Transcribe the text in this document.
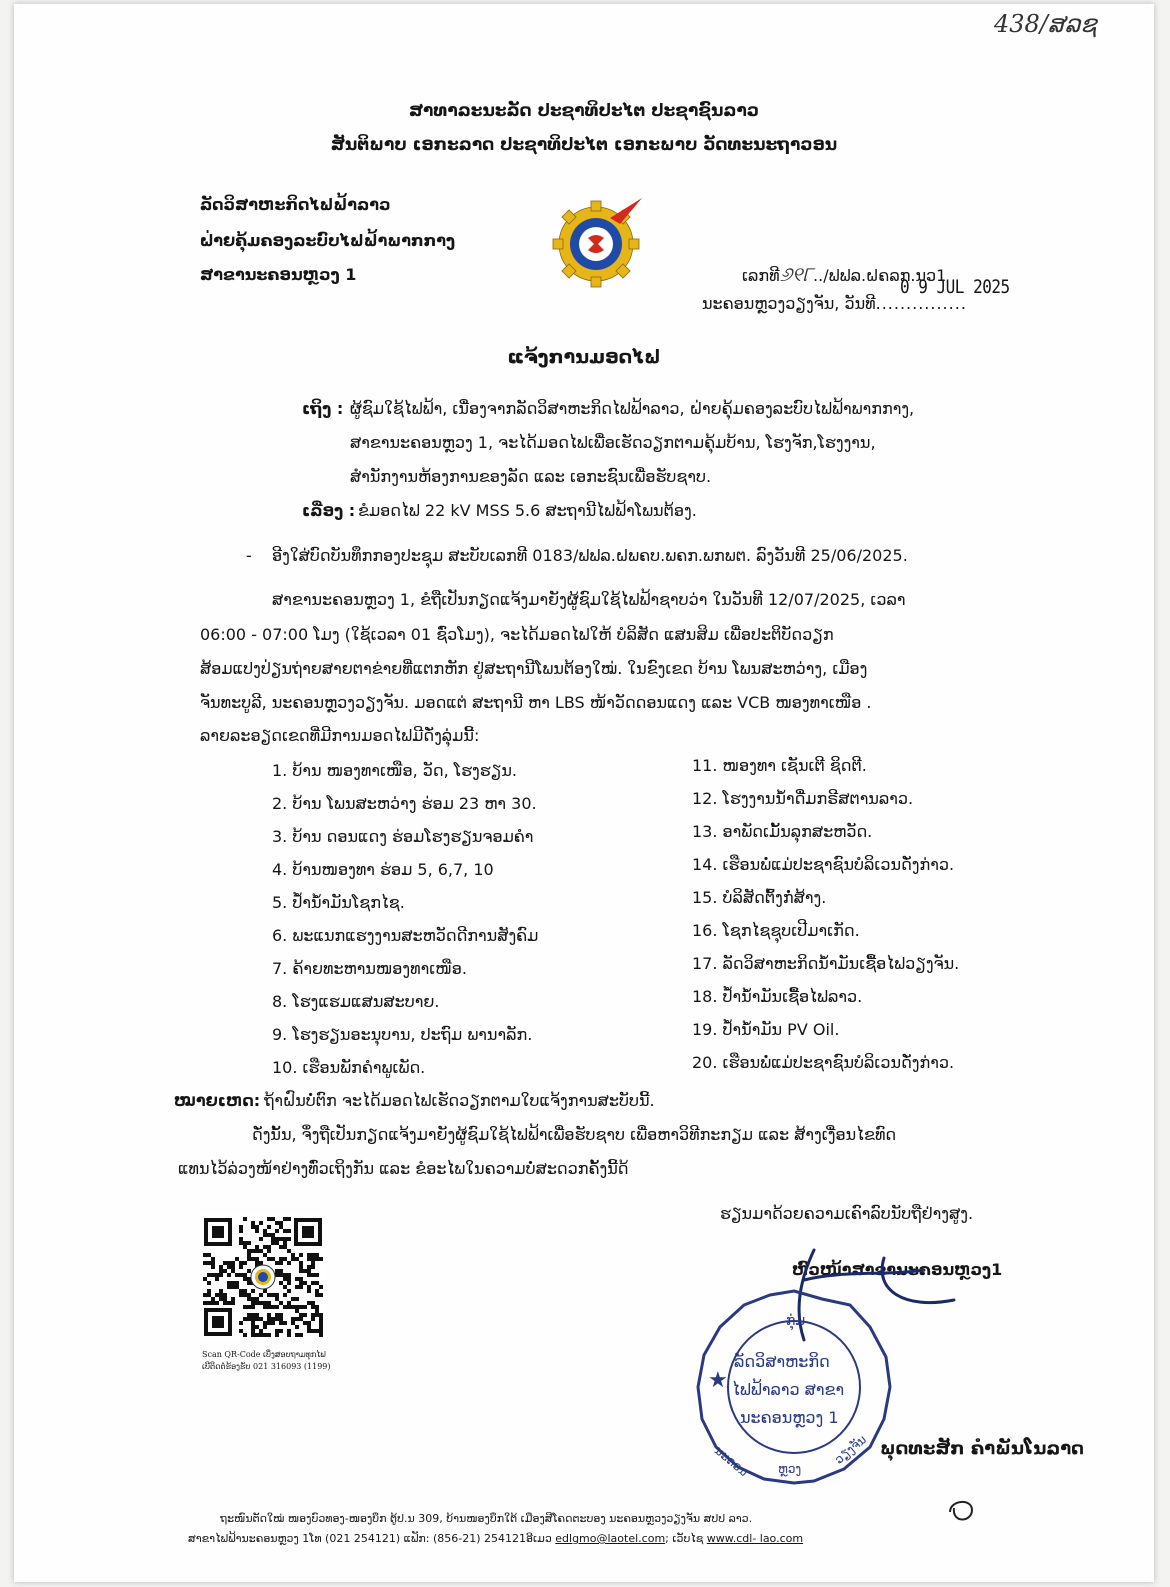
438/ສລຊ
ສາທາລະນະລັດ ປະຊາທິປະໄຕ ປະຊາຊົນລາວ
ສັນຕິພາບ ເອກະລາດ ປະຊາທິປະໄຕ ເອກະພາບ ວັດທະນະຖາວອນ
ລັດວິສາຫະກິດໄຟຟ້າລາວ
ຝ່າຍຄຸ້ມຄອງລະບົບໄຟຟ້າພາກກາງ
ສາຂານະຄອນຫຼວງ 1	ເລກທີ୬୧୮../ຟຟລ.ຝຄລກ.ນວ1
0 9 JUL 2025
ນະຄອນຫຼວງວຽງຈັນ, ວັນທີ...............
ແຈ້ງການມອດໄຟ
ເຖິງ : ຜູ້ຊົມໃຊ້ໄຟຟ້າ, ເນື່ອງຈາກລັດວິສາຫະກິດໄຟຟ້າລາວ, ຝ່າຍຄຸ້ມຄອງລະບົບໄຟຟ້າພາກກາງ,
ສາຂານະຄອນຫຼວງ 1, ຈະໄດ້ມອດໄຟເພື່ອເຮັດວຽກຕາມຄຸ້ມບ້ານ, ໂຮງຈັກ,ໂຮງງານ,
ສໍານັກງານຫ້ອງການຂອງລັດ ແລະ ເອກະຊົນເພື່ອຮັບຊາບ.
ເລື່ອງ : ຂໍມອດໄຟ 22 kV MSS 5.6 ສະຖານີໄຟຟ້າໂພນຕ້ອງ.
- ອີງໃສ່ບົດບັນທຶກກອງປະຊຸມ ສະບັບເລກທີ 0183/ຟຟລ.ຝພຄບ.ພຄກ.ພກພຕ. ລົງວັນທີ 25/06/2025.
ສາຂານະຄອນຫຼວງ 1, ຂໍຖືເປັນກຽດແຈ້ງມາຍັງຜູ້ຊົມໃຊ້ໄຟຟ້າຊາບວ່າ ໃນວັນທີ 12/07/2025, ເວລາ
06:00 - 07:00 ໂມງ (ໃຊ້ເວລາ 01 ຊົ່ວໂມງ), ຈະໄດ້ມອດໄຟໃຫ້ ບໍລິສັດ ແສນສິມ ເພື່ອປະຕິບັດວຽກ
ສ້ອມແປງປ່ຽນຖ່າຍສາຍຕາຂ່າຍທີ່ແຕກຫັກ ຢູ່ສະຖານີໂພນຕ້ອງໃໝ່. ໃນຂົງເຂດ ບ້ານ ໂພນສະຫວ່າງ, ເມືອງ
ຈັນທະບູລີ, ນະຄອນຫຼວງວຽງຈັນ. ມອດແຕ່ ສະຖານີ ຫາ LBS ໜ້າວັດດອນແດງ ແລະ VCB ໜອງທາເໜືອ .
ລາຍລະອຽດເຂດທີ່ມີການມອດໄຟມີດັ່ງລຸ່ມນີ້:
1. ບ້ານ ໜອງທາເໜືອ, ວັດ, ໂຮງຮຽນ.
2. ບ້ານ ໂພນສະຫວ່າງ ຮ່ອມ 23 ຫາ 30.
3. ບ້ານ ດອນແດງ ຮ່ອມໂຮງຮຽນຈອມຄໍາ
4. ບ້ານໜອງທາ ຮ່ອມ 5, 6,7, 10
5. ປໍ້ານໍ້າມັນໂຊກໄຊ.
6. ພະແນກແຮງງານສະຫວັດດີການສັງຄົມ
7. ຄ້າຍທະຫານໜອງທາເໜືອ.
8. ໂຮງແຮມແສນສະບາຍ.
9. ໂຮງຮຽນອະນຸບານ, ປະຖົມ ພານາລັກ.
10. ເຮືອນພັກຄໍາພູເພັດ.
11. ໜອງທາ ເຊັນເຕີ ຊິດຕີ.
12. ໂຮງງານນໍ້າດື່ມກຣີສຕານລາວ.
13. ອາພັດເມັ້ນລຸກສະຫວັດ.
14. ເຮືອນພໍ່ແມ່ປະຊາຊົນບໍລິເວນດັ່ງກ່າວ.
15. ບໍລິສັດຕົ້ງກໍ່ສ້າງ.
16. ໂຊກໄຊຊຸບເປີມາເກັດ.
17. ລັດວິສາຫະກິດນໍ້າມັນເຊື້ອໄຟວຽງຈັນ.
18. ປໍ້ານໍ້າມັນເຊື້ອໄຟລາວ.
19. ປໍ້ານໍ້າມັນ PV Oil.
20. ເຮືອນພໍ່ແມ່ປະຊາຊົນບໍລິເວນດັ່ງກ່າວ.
ໝາຍເຫດ: ຖ້າຝົນບໍ່ຕົກ ຈະໄດ້ມອດໄຟເຮັດວຽກຕາມໃບແຈ້ງການສະບັບນີ້.
ດັ່ງນັ້ນ, ຈຶ່ງຖືເປັນກຽດແຈ້ງມາຍັງຜູ້ຊົມໃຊ້ໄຟຟ້າເພື່ອຮັບຊາບ ເພື່ອຫາວິທີກະກຽມ ແລະ ສ້າງເງື່ອນໄຂທົດ
ແທນໄວ້ລ່ວງໜ້າຢ່າງທົ່ວເຖິງກັນ ແລະ ຂໍອະໄພໃນຄວາມບໍ່ສະດວກຄັ້ງນີ້ດ້
ຮຽນມາດ້ວຍຄວາມເຄົາລົບນັບຖືຢ່າງສູງ.
ຫົວໜ້າສາຂານະຄອນຫຼວງ1
ກຸ່ມ
★
ລັດວິສາຫະກິດ
ໄຟຟ້າລາວ ສາຂາ
ນະຄອນຫຼວງ 1
ນະຄອນ ຫຼວງ
ວຽງຈັນ ພຸດທະສັກ ຄໍາພັນໂນລາດ
Scan QR-Code ເບິ່ງສອບຖາມທຸກໄຟ
ເບີຕິດຕໍ່ຮ້ອງຮັບ 021 316093 (1199)
ຖະໜົນຕັດໃໝ່ ໜອງບົວທອງ-ໜອງບຶກ ຕູ້ປ.ນ 309, ບ້ານໜອງບຶກໃຕ້ ເມືອງສີໂຄດຕະບອງ ນະຄອນຫຼວງວຽງຈັນ ສປປ ລາວ.
ສາຂາໄຟຟ້ານະຄອນຫຼວງ 1ໂທ (021 254121) ແຟັກ: (856-21) 254121ອີເມວ edlgmo@laotel.com; ເວັບໄຊ www.cdl- lao.com
